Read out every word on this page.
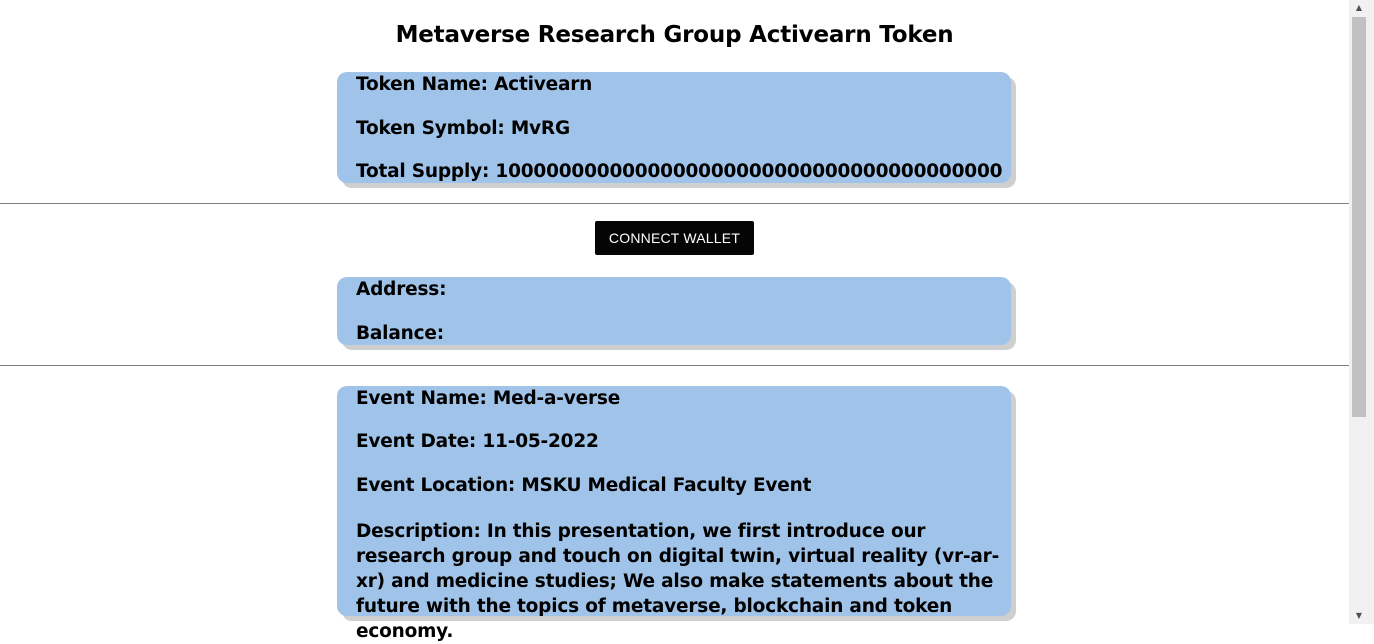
Metaverse Research Group Activearn Token
Token Name: Activearn
Token Symbol: MvRG
Total Supply: 1000000000000000000000000000000000000000
CONNECT WALLET
Address:
Balance:
Event Name: Med-a-verse
Event Date: 11-05-2022
Event Location: MSKU Medical Faculty Event
Description: In this presentation, we first introduce our research group and touch on digital twin, virtual reality (vr-ar-xr) and medicine studies; We also make statements about the future with the topics of metaverse, blockchain and token economy.
▲
▼
